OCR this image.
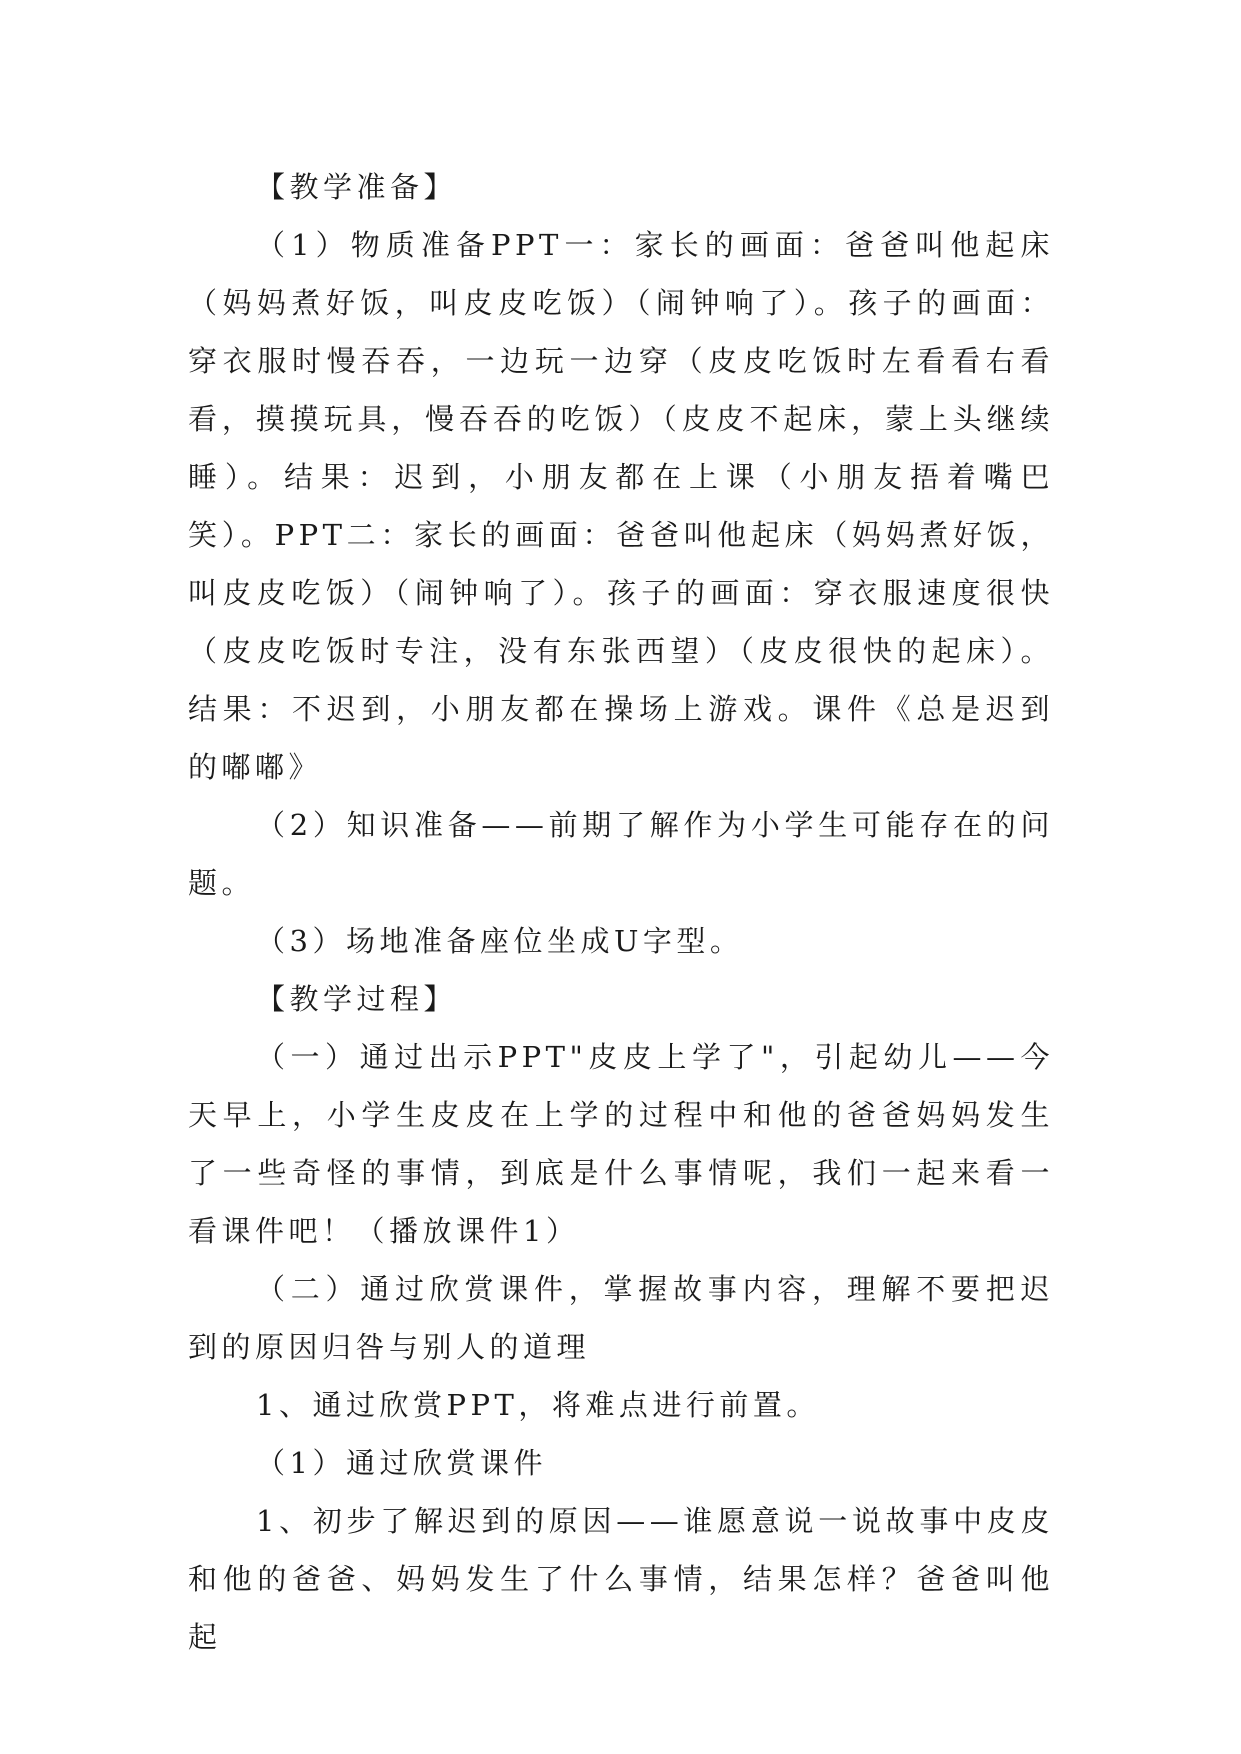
【教学准备】

（1）物质准备PPT一：家长的画面：爸爸叫他起床（妈妈煮好饭，叫皮皮吃饭）（闹钟响了）。孩子的画面：穿衣服时慢吞吞，一边玩一边穿（皮皮吃饭时左看看右看看，摸摸玩具，慢吞吞的吃饭）（皮皮不起床，蒙上头继续睡）。结果：迟到，小朋友都在上课（小朋友捂着嘴巴笑）。PPT二：家长的画面：爸爸叫他起床（妈妈煮好饭，叫皮皮吃饭）（闹钟响了）。孩子的画面：穿衣服速度很快（皮皮吃饭时专注，没有东张西望）（皮皮很快的起床）。结果：不迟到，小朋友都在操场上游戏。课件《总是迟到的嘟嘟》

（2）知识准备——前期了解作为小学生可能存在的问题。

（3）场地准备座位坐成U字型。

【教学过程】

（一）通过出示PPT"皮皮上学了"，引起幼儿——今天早上，小学生皮皮在上学的过程中和他的爸爸妈妈发生了一些奇怪的事情，到底是什么事情呢，我们一起来看一看课件吧！（播放课件1）

（二）通过欣赏课件，掌握故事内容，理解不要把迟到的原因归咎与别人的道理

1、通过欣赏PPT，将难点进行前置。

（1）通过欣赏课件

1、初步了解迟到的原因——谁愿意说一说故事中皮皮和他的爸爸、妈妈发生了什么事情，结果怎样？爸爸叫他起
